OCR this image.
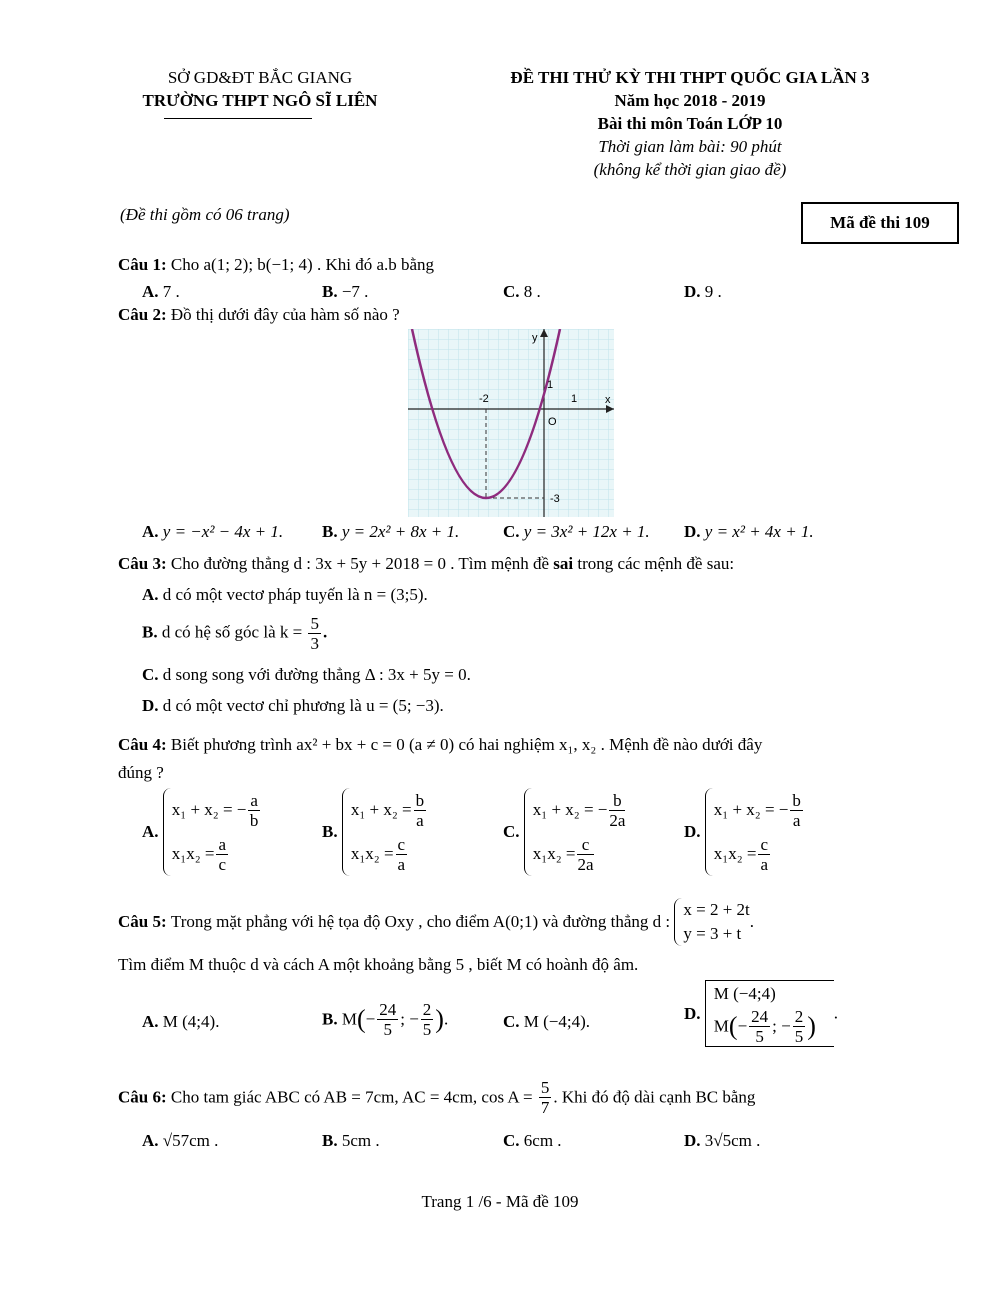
SỞ GD&ĐT BẮC GIANG
TRƯỜNG THPT NGÔ SĨ LIÊN
ĐỀ THI THỬ KỲ THI THPT QUỐC GIA LẦN 3
Năm học 2018 - 2019
Bài thi môn Toán LỚP 10
Thời gian làm bài: 90 phút
(không kể thời gian giao đề)
(Đề thi gồm có 06 trang)	Mã đề thi 109
Câu 1: Cho a(1; 2); b(−1; 4) . Khi đó a.b bằng
A. 7 .	B. −7 .	C. 8 .	D. 9 .
Câu 2: Đồ thị dưới đây của hàm số nào ?
y
x
O
-2	1
1
-3
A. y = −x² − 4x + 1. B. y = 2x² + 8x + 1.	C. y = 3x² + 12x + 1. D. y = x² + 4x + 1.
Câu 3: Cho đường thẳng d : 3x + 5y + 2018 = 0 . Tìm mệnh đề sai trong các mệnh đề sau:
A. d có một vectơ pháp tuyến là n = (3;5).
B. d có hệ số góc là $k = \frac{5}{3}$ .
C. d song song với đường thẳng Δ : 3x + 5y = 0.
D. d có một vectơ chỉ phương là u = (5; −3).
Câu 4: Biết phương trình ax² + bx + c = 0 (a ≠ 0) có hai nghiệm x₁, x₂ . Mệnh đề nào dưới đây
đúng ?
A.
x₁ + x₂ = − $\frac{a}{b}$
$x_1x_2 = \frac{a}{c}$
B.
$x_1 + x_2 = \frac{b}{a}$
$x_1x_2 = \frac{c}{a}$
C.
x₁ + x₂ = − $\frac{b}{2a}$
$x_1x_2 = \frac{c}{2a}$
D.
x₁ + x₂ = − $\frac{b}{a}$
$x_1x_2 = \frac{c}{a}$
Câu 5: Trong mặt phẳng với hệ tọa độ Oxy , cho điểm A(0;1) và đường thẳng d :
x = 2 + 2t
y = 3 + t
.
Tìm điểm M thuộc d và cách A một khoảng bằng 5 , biết M có hoành độ âm.
A. M (4;4).	B. $M(- \frac{24}{5}$ ; − $\frac{2}{5}$ ).	C. M (−4;4).	D.
M (−4;4)
$M(- \frac{24}{5}$ ; − $\frac{2}{5}$ )	.
Câu 6: Cho tam giác ABC có AB = 7cm, AC = 4cm, $\cos A = \frac{5}{7}$ . Khi đó độ dài cạnh BC bằng
A. √57cm .	B. 5cm .	C. 6cm .	D. 3√5cm .
Trang 1 /6 - Mã đề 109
